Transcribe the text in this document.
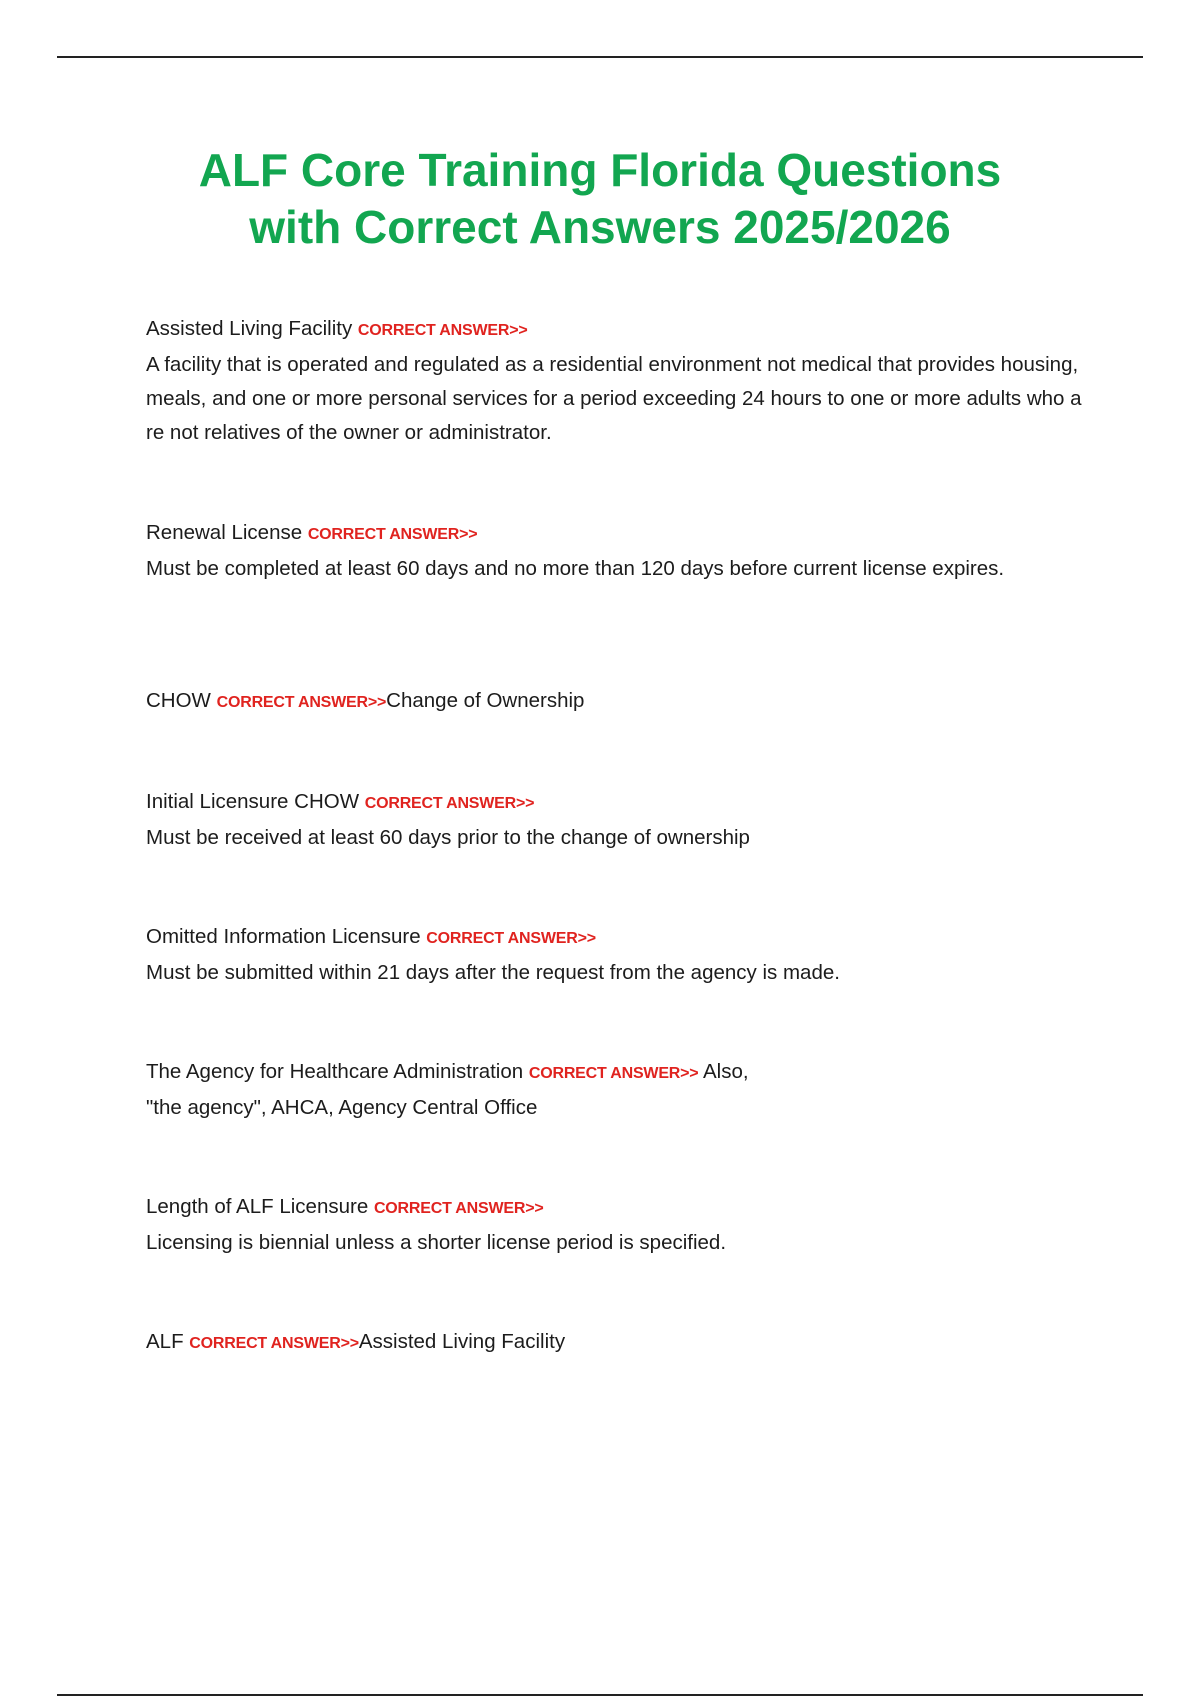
ALF Core Training Florida Questions
with Correct Answers 2025/2026
Assisted Living Facility CORRECT ANSWER>>
A facility that is operated and regulated as a residential environment not medical that provides housing, meals, and one or more personal services for a period exceeding 24 hours to one or more adults who are not relatives of the owner or administrator.
Renewal License CORRECT ANSWER>>
Must be completed at least 60 days and no more than 120 days before current license expires.
CHOW CORRECT ANSWER>>Change of Ownership
Initial Licensure CHOW CORRECT ANSWER>>
Must be received at least 60 days prior to the change of ownership
Omitted Information Licensure CORRECT ANSWER>>
Must be submitted within 21 days after the request from the agency is made.
The Agency for Healthcare Administration CORRECT ANSWER>> Also,
"the agency", AHCA, Agency Central Office
Length of ALF Licensure CORRECT ANSWER>>
Licensing is biennial unless a shorter license period is specified.
ALF CORRECT ANSWER>>Assisted Living Facility
